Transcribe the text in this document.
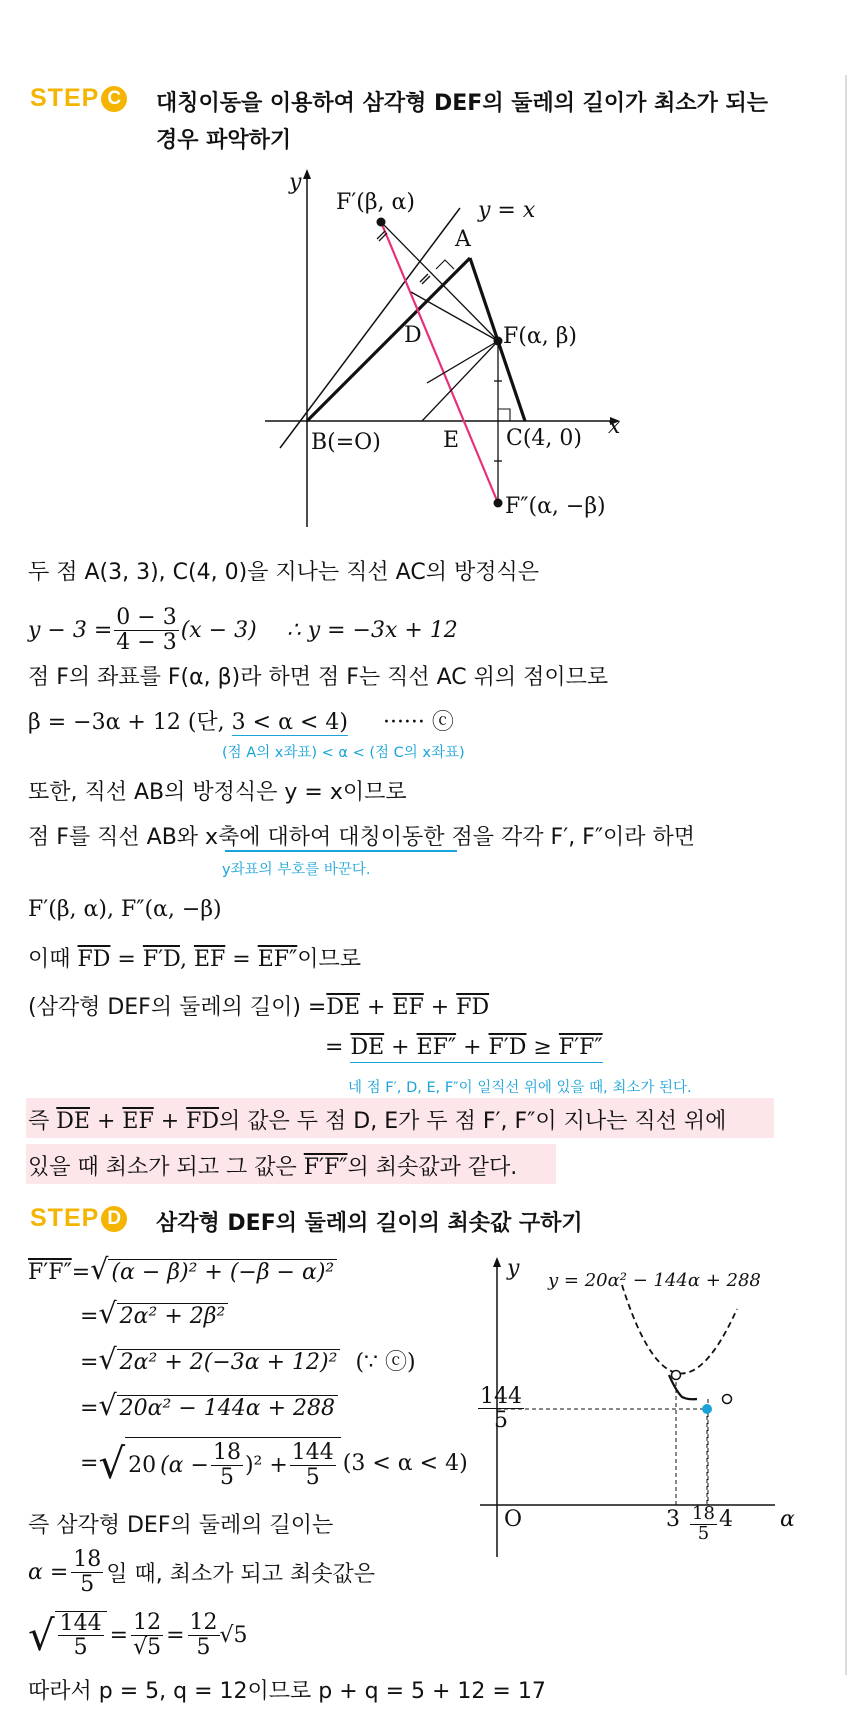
STEP C 대칭이동을 이용하여 삼각형 DEF의 둘레의 길이가 최소가 되는
경우 파악하기
y
x
F′(β, α)	y = x
A
D	F(α, β)
B(=O)	E C(4, 0)
F″(α, −β)
두 점 A(3, 3), C(4, 0)을 지나는 직선 AC의 방정식은
$y - 3 = \frac{0 - 3}{4 - 3} (x - 3)$ ∴ y = −3x + 12
점 F의 좌표를 F(α, β)라 하면 점 F는 직선 AC 위의 점이므로
β = −3α + 12 (단, 3 < α < 4) ······ ⓒ
(점 A의 x좌표) < α < (점 C의 x좌표)
또한, 직선 AB의 방정식은 y = x이므로
점 F를 직선 AB와 x축에 대하여 대칭이동한 점을 각각 F′, F″이라 하면
y좌표의 부호를 바꾼다.
F′(β, α), F″(α, −β)
이때 $\overline{FD} = F'D$, $\overline{EF} = EF''$이므로
(삼각형 DEF의 둘레의 길이) $=\overline{DE} + \overline{EF} + \overline{FD}$
= $\overline{DE} + EF'' + F'D \ge F'F''$
네 점 F′, D, E, F″이 일직선 위에 있을 때, 최소가 된다.
즉 $\overline{DE} + \overline{EF} + \overline{FD}$의 값은 두 점 D, E가 두 점 F′, F″이 지나는 직선 위에
있을 때 최소가 되고 그 값은 F′F″의 최솟값과 같다.
STEP D 삼각형 DEF의 둘레의 길이의 최솟값 구하기
F′F″=√ (α − β)² + (−β − α)²
=√ 2α² + 2β²
=√ 2α² + 2(−3α + 12)² (∵ ⓒ)
=√ 20α² − 144α + 288
= √ 20 $(\alpha - \frac{18}{5} )^2 + \frac{144}{5} (3 < \alpha < 4)$
즉 삼각형 DEF의 둘레의 길이는
$\alpha = \frac{18}{5}$ 일 때, 최소가 되고 최솟값은
√ $\frac{144}{5} = \frac{12}{√5} = \frac{12}{5} √5$
따라서 p = 5, q = 12이므로 p + q = 5 + 12 = 17
y y = 20α² − 144α + 288
$\frac{144}{5}$
O	$3 \frac{18}{5} 4$ α
